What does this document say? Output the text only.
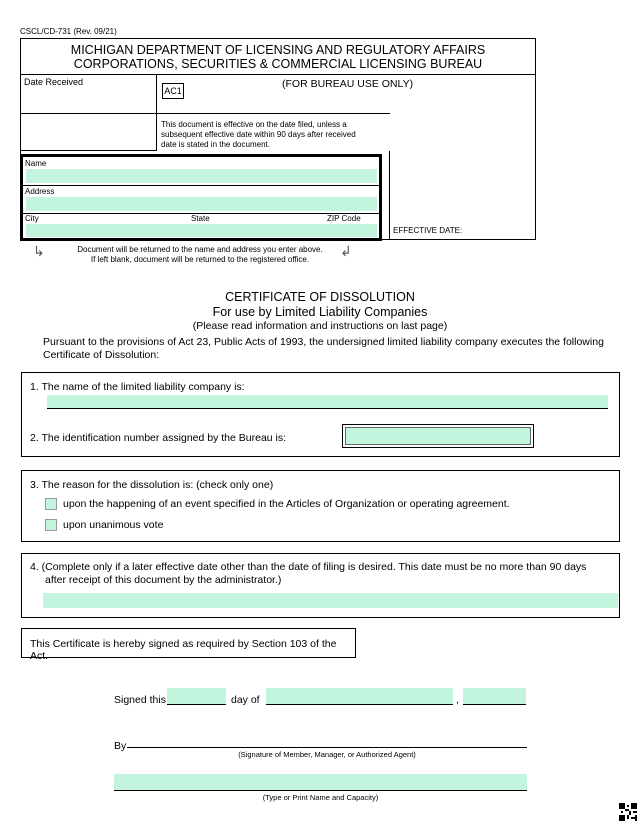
CSCL/CD-731 (Rev. 09/21)
MICHIGAN DEPARTMENT OF LICENSING AND REGULATORY AFFAIRS
CORPORATIONS, SECURITIES & COMMERCIAL LICENSING BUREAU
Date Received
AC1
(FOR BUREAU USE ONLY)
This document is effective on the date filed, unless a
subsequent effective date within 90 days after received
date is stated in the document.
EFFECTIVE DATE:
Name
Address
City	State	ZIP Code
↳	↲
Document will be returned to the name and address you enter above.
If left blank, document will be returned to the registered office.
CERTIFICATE OF DISSOLUTION
For use by Limited Liability Companies
(Please read information and instructions on last page)
Pursuant to the provisions of Act 23, Public Acts of 1993, the undersigned limited liability company executes the following
Certificate of Dissolution:
1. The name of the limited liability company is:
2. The identification number assigned by the Bureau is:
3. The reason for the dissolution is: (check only one)
upon the happening of an event specified in the Articles of Organization or operating agreement.
upon unanimous vote
4. (Complete only if a later effective date other than the date of filing is desired. This date must be no more than 90 days
after receipt of this document by the administrator.)
This Certificate is hereby signed as required by Section 103 of the Act.
Signed this	day of	,
By
(Signature of Member, Manager, or Authorized Agent)
(Type or Print Name and Capacity)
